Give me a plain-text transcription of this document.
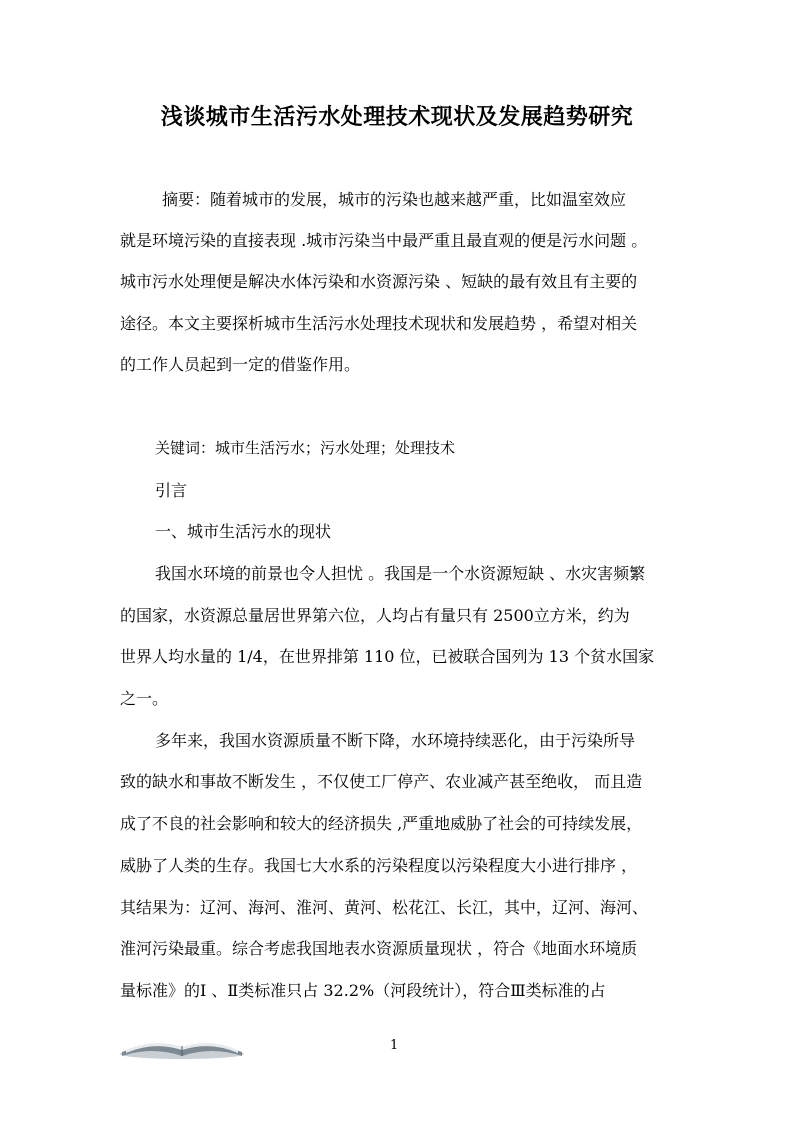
浅谈城市生活污水处理技术现状及发展趋势研究
摘要：随着城市的发展，城市的污染也越来越严重，比如温室效应
就是环境污染的直接表现 .城市污染当中最严重且最直观的便是污水问题 。
城市污水处理便是解决水体污染和水资源污染 、短缺的最有效且有主要的
途径。本文主要探析城市生活污水处理技术现状和发展趋势 ，希望对相关
的工作人员起到一定的借鉴作用。
关键词：城市生活污水；污水处理；处理技术
引言
一、城市生活污水的现状
我国水环境的前景也令人担忧 。我国是一个水资源短缺 、水灾害频繁
的国家，水资源总量居世界第六位，人均占有量只有 2500立方米，约为
世界人均水量的 1/4，在世界排第 110 位，已被联合国列为 13 个贫水国家
之一。
多年来，我国水资源质量不断下降，水环境持续恶化，由于污染所导
致的缺水和事故不断发生 ，不仅使工厂停产、农业减产甚至绝收， 而且造
成了不良的社会影响和较大的经济损失 ,严重地威胁了社会的可持续发展，
威胁了人类的生存。我国七大水系的污染程度以污染程度大小进行排序 ，
其结果为：辽河、海河、淮河、黄河、松花江、长江，其中，辽河、海河、
淮河污染最重。综合考虑我国地表水资源质量现状 ，符合《地面水环境质
量标准》的Ⅰ 、Ⅱ类标准只占 32.2%（河段统计），符合Ⅲ类标准的占
1
